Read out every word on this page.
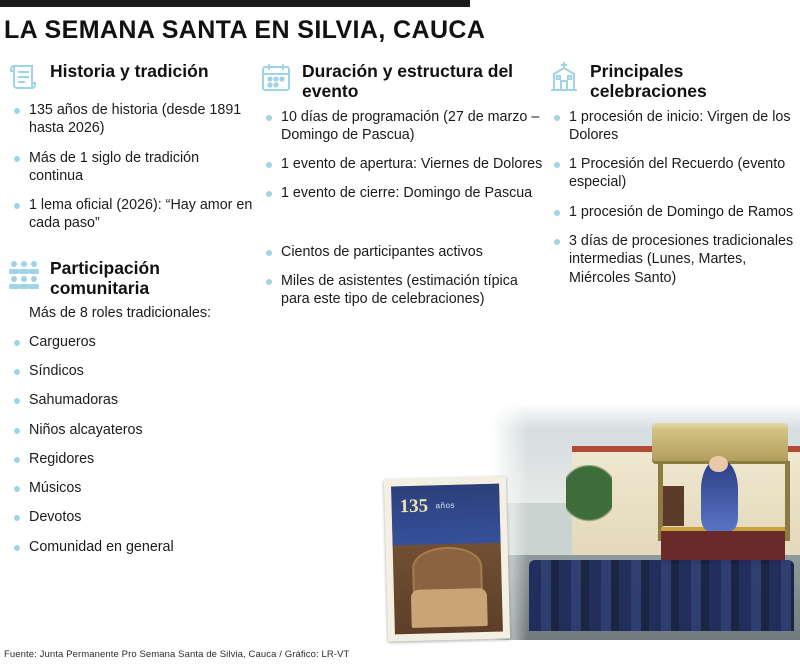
LA SEMANA SANTA EN SILVIA, CAUCA
Historia y tradición
135 años de historia (desde 1891 hasta 2026)
Más de 1 siglo de tradición continua
1 lema oficial (2026): “Hay amor en cada paso”
Participación comunitaria
Más de 8 roles tradicionales:
Cargueros
Síndicos
Sahumadoras
Niños alcayateros
Regidores
Músicos
Devotos
Comunidad en general
Duración y estructura del evento
10 días de programación (27 de marzo –Domingo de Pascua)
1 evento de apertura: Viernes de Dolores
1 evento de cierre: Domingo de Pascua
Cientos de participantes activos
Miles de asistentes (estimación típica para este tipo de celebraciones)
Principales celebraciones
1 procesión de inicio: Virgen de los Dolores
1 Procesión del Recuerdo (evento especial)
1 procesión de Domingo de Ramos
3 días de procesiones tradicionales intermedias (Lunes, Martes, Miércoles Santo)
135 años
Fuente: Junta Permanente Pro Semana Santa de Silvia, Cauca / Gráfico: LR-VT
